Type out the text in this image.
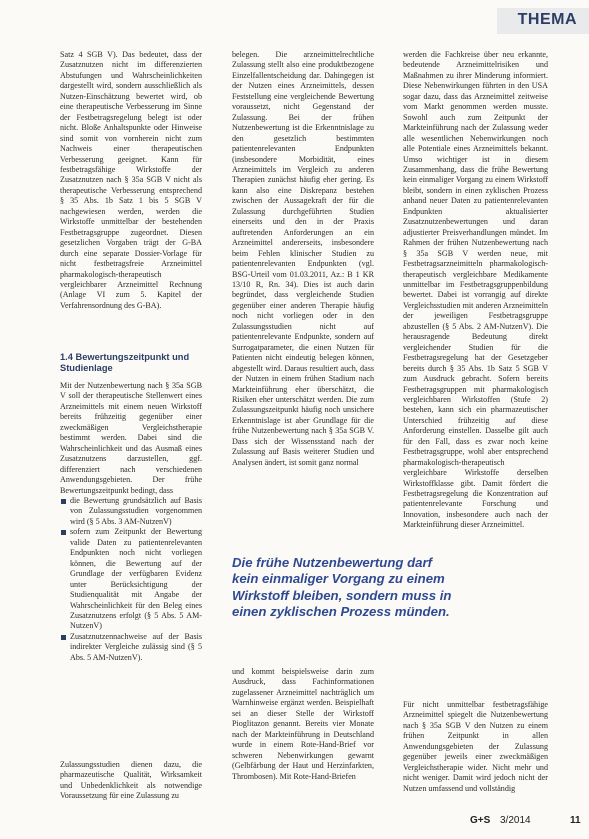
THEMA

Satz 4 SGB V). Das bedeutet, dass der Zusatznutzen nicht im differenzierten Abstufungen und Wahrscheinlichkeiten dargestellt wird, sondern ausschließlich als Nutzen-Einschätzung bewertet wird, ob eine therapeutische Verbesserung im Sinne der Festbetragsregelung belegt ist oder nicht. Bloße Anhaltspunkte oder Hinweise sind somit von vornherein nicht zum Nachweis einer therapeutischen Verbesserung geeignet. Kann für festbetragsfähige Wirkstoffe der Zusatznutzen nach § 35a SGB V nicht als therapeutische Verbesserung entsprechend § 35 Abs. 1b Satz 1 bis 5 SGB V nachgewiesen werden, werden die Wirkstoffe unmittelbar der bestehenden Festbetragsgruppe zugeordnet. Diesen gesetzlichen Vorgaben trägt der G-BA durch eine separate Dossier-Vorlage für nicht festbetragsfreie Arzneimittel pharmakologisch-therapeutisch vergleichbarer Arzneimittel Rechnung (Anlage VI zum 5. Kapitel der Verfahrensordnung des G-BA).

1.4 Bewertungszeitpunkt und Studienlage

Mit der Nutzenbewertung nach § 35a SGB V soll der therapeutische Stellenwert eines Arzneimittels mit einem neuen Wirkstoff bereits frühzeitig gegenüber einer zweckmäßigen Vergleichstherapie bestimmt werden. Dabei sind die Wahrscheinlichkeit und das Ausmaß eines Zusatznutzens darzustellen, ggf. differenziert nach verschiedenen Anwendungsgebieten. Der frühe Bewertungszeitpunkt bedingt, dass

die Bewertung grundsätzlich auf Basis von Zulassungsstudien vorgenommen wird (§ 5 Abs. 3 AM-NutzenV)
sofern zum Zeitpunkt der Bewertung valide Daten zu patientenrelevanten Endpunkten noch nicht vorliegen können, die Bewertung auf der Grundlage der verfügbaren Evidenz unter Berücksichtigung der Studienqualität mit Angabe der Wahrscheinlichkeit für den Beleg eines Zusatznutzens erfolgt (§ 5 Abs. 5 AM-NutzenV)
Zusatznutzennachweise auf der Basis indirekter Vergleiche zulässig sind (§ 5 Abs. 5 AM-NutzenV).

Zulassungsstudien dienen dazu, die pharmazeutische Qualität, Wirksamkeit und Unbedenklichkeit als notwendige Voraussetzung für eine Zulassung zu

belegen. Die arzneimittelrechtliche Zulassung stellt also eine produktbezogene Einzelfallentscheidung dar. Dahingegen ist der Nutzen eines Arzneimittels, dessen Feststellung eine vergleichende Bewertung voraussetzt, nicht Gegenstand der Zulassung. Bei der frühen Nutzenbewertung ist die Erkenntnislage zu den gesetzlich bestimmten patientenrelevanten Endpunkten (insbesondere Morbidität, eines Arzneimittels im Vergleich zu anderen Therapien zunächst häufig eher gering. Es kann also eine Diskrepanz bestehen zwischen der Aussagekraft der für die Zulassung durchgeführten Studien einerseits und den in der Praxis auftretenden Anforderungen an ein Arzneimittel andererseits, insbesondere beim Fehlen klinischer Studien zu patientenrelevanten Endpunkten (vgl. BSG-Urteil vom 01.03.2011, Az.: B 1 KR 13/10 R, Rn. 34). Dies ist auch darin begründet, dass vergleichende Studien gegenüber einer anderen Therapie häufig noch nicht vorliegen oder in den Zulassungsstudien nicht auf patientenrelevante Endpunkte, sondern auf Surrogatparameter, die einen Nutzen für Patienten nicht eindeutig belegen können, abgestellt wird. Daraus resultiert auch, dass der Nutzen in einem frühen Stadium nach Markteinführung eher überschätzt, die Risiken eher unterschätzt werden. Die zum Zulassungszeitpunkt häufig noch unsichere Erkenntnislage ist aber Grundlage für die frühe Nutzenbewertung nach § 35a SGB V. Dass sich der Wissensstand nach der Zulassung auf Basis weiterer Studien und Analysen ändert, ist somit ganz normal

Die frühe Nutzenbewertung darf kein einmaliger Vorgang zu einem Wirkstoff bleiben, sondern muss in einen zyklischen Prozess münden.

und kommt beispielsweise darin zum Ausdruck, dass Fachinformationen zugelassener Arzneimittel nachträglich um Warnhinweise ergänzt werden. Beispielhaft sei an dieser Stelle der Wirkstoff Pioglitazon genannt. Bereits vier Monate nach der Markteinführung in Deutschland wurde in einem Rote-Hand-Brief vor schweren Nebenwirkungen gewarnt (Gelbfärbung der Haut und Herzinfarkten, Thrombosen). Mit Rote-Hand-Briefen

werden die Fachkreise über neu erkannte, bedeutende Arzneimittelrisiken und Maßnahmen zu ihrer Minderung informiert. Diese Nebenwirkungen führten in den USA sogar dazu, dass das Arzneimittel zeitweise vom Markt genommen werden musste. Sowohl auch zum Zeitpunkt der Markteinführung nach der Zulassung weder alle wesentlichen Nebenwirkungen noch alle Potentiale eines Arzneimittels bekannt. Umso wichtiger ist in diesem Zusammenhang, dass die frühe Bewertung kein einmaliger Vorgang zu einem Wirkstoff bleibt, sondern in einen zyklischen Prozess anhand neuer Daten zu patientenrelevanten Endpunkten aktualisierter Zusatznutzenbewertungen und daran adjustierter Preisverhandlungen mündet. Im Rahmen der frühen Nutzenbewertung nach § 35a SGB V werden neue, mit Festbetragsarzneimitteln pharmakologisch-therapeutisch vergleichbare Medikamente unmittelbar im Festbetragsgruppenbildung bewertet. Dabei ist vorrangig auf direkte Vergleichsstudien mit anderen Arzneimitteln der jeweiligen Festbetragsgruppe abzustellen (§ 5 Abs. 2 AM-NutzenV). Die herausragende Bedeutung direkt vergleichender Studien für die Festbetragsregelung hat der Gesetzgeber bereits durch § 35 Abs. 1b Satz 5 SGB V zum Ausdruck gebracht. Sofern bereits Festbetragsgruppen mit pharmakologisch vergleichbaren Wirkstoffen (Stufe 2) bestehen, kann sich ein pharmazeutischer Unterschied frühzeitig auf diese Anforderung einstellen. Dasselbe gilt auch für den Fall, dass es zwar noch keine Festbetragsgruppe, wohl aber entsprechend pharmakologisch-therapeutisch vergleichbare Wirkstoffe derselben Wirkstoffklasse gibt. Damit fördert die Festbetragsregelung die Konzentration auf patientenrelevante Forschung und Innovation, insbesondere auch nach der Markteinführung dieser Arzneimittel.

Für nicht unmittelbar festbetragsfähige Arzneimittel spiegelt die Nutzenbewertung nach § 35a SGB V den Nutzen zu einem frühen Zeitpunkt in allen Anwendungsgebieten der Zulassung gegenüber jeweils einer zweckmäßigen Vergleichstherapie wider. Nicht mehr und nicht weniger. Damit wird jedoch nicht der Nutzen umfassend und vollständig

G+S 3/2014	11
